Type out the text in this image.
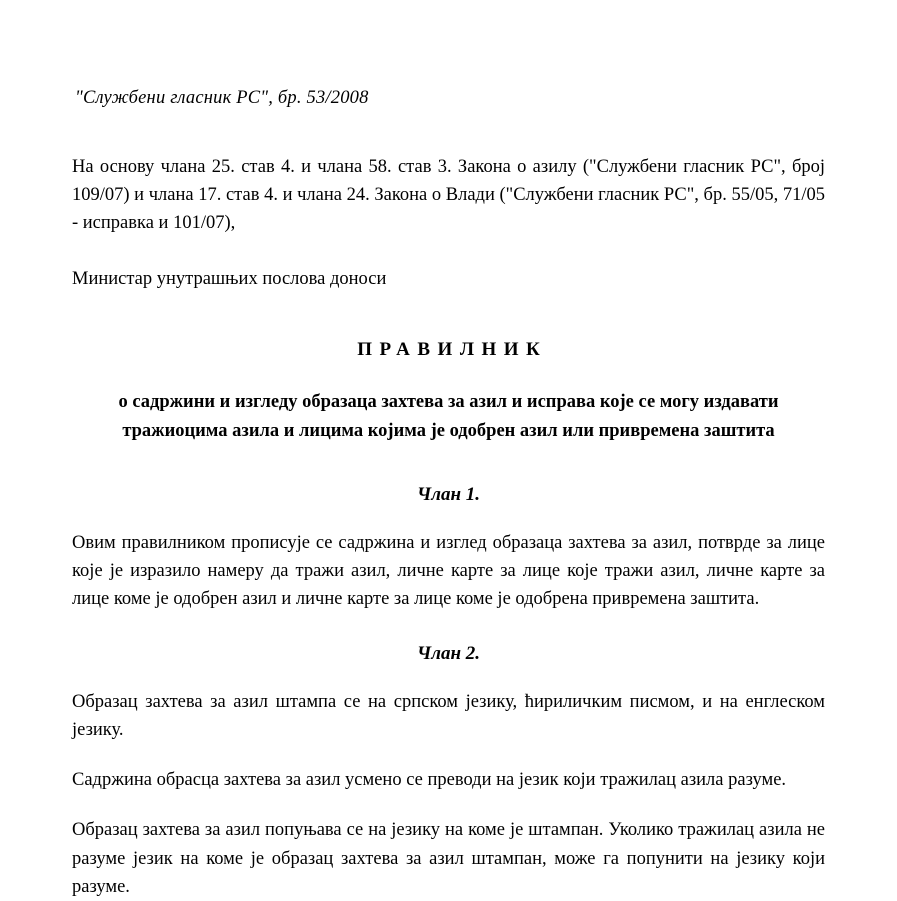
"Службени гласник РС", бр. 53/2008

На основу члана 25. став 4. и члана 58. став 3. Закона о азилу ("Службени гласник РС", број 109/07) и члана 17. став 4. и члана 24. Закона о Влади ("Службени гласник РС", бр. 55/05, 71/05 - исправка и 101/07),

Министар унутрашњих послова доноси

ПРАВИЛНИК
о садржини и изгледу образаца захтева за азил и исправа које се могу издавати тражиоцима азила и лицима којима је одобрен азил или привремена заштита
Члан 1.

Овим правилником прописује се садржина и изглед образаца захтева за азил, потврде за лице које је изразило намеру да тражи азил, личне карте за лице које тражи азил, личне карте за лице коме је одобрен азил и личне карте за лице коме је одобрена привремена заштита.

Члан 2.

Образац захтева за азил штампа се на српском језику, ћириличким писмом, и на енглеском језику.

Садржина обрасца захтева за азил усмено се преводи на језик који тражилац азила разуме.

Образац захтева за азил попуњава се на језику на коме је штампан. Уколико тражилац азила не разуме језик на коме је образац захтева за азил штампан, може га попунити на језику који разуме.
